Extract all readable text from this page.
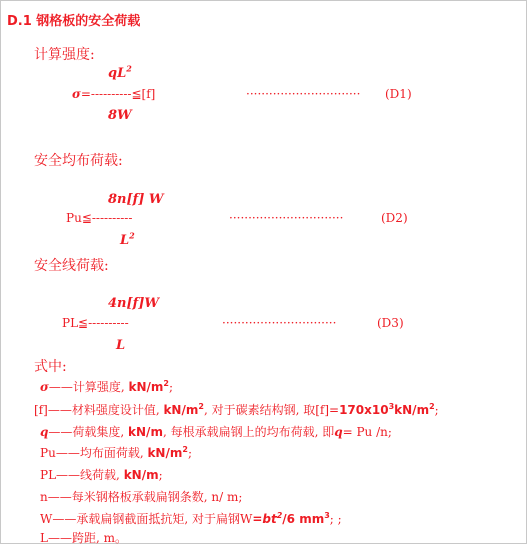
D.1 钢格板的安全荷载
计算强度:
$qL^2$
σ=----------≦[f]
8W
······························ (D1)
安全均布荷载:
8n[f] W
Pu≦----------
$L^2$
······························	(D2)
安全线荷载:
4n[f]W
PL≦----------
L
······························	(D3)
式中:
σ——计算强度, $kN/m^2$;
[f]——材料强度设计值, $kN/m^2$, 对于碳素结构钢, 取$[f]=170x10^3kN/m^2$;
q——荷载集度, kN/m, 每根承载扁钢上的均布荷载, 即q= Pu /n;
Pu——均布面荷载, $kN/m^2$;
PL——线荷载, kN/m;
n——每米钢格板承载扁钢条数, n/ m;
W——承载扁钢截面抵抗矩, 对于扁钢$W=bt^2/6$ $mm^3$; ;
L——跨距, m。
